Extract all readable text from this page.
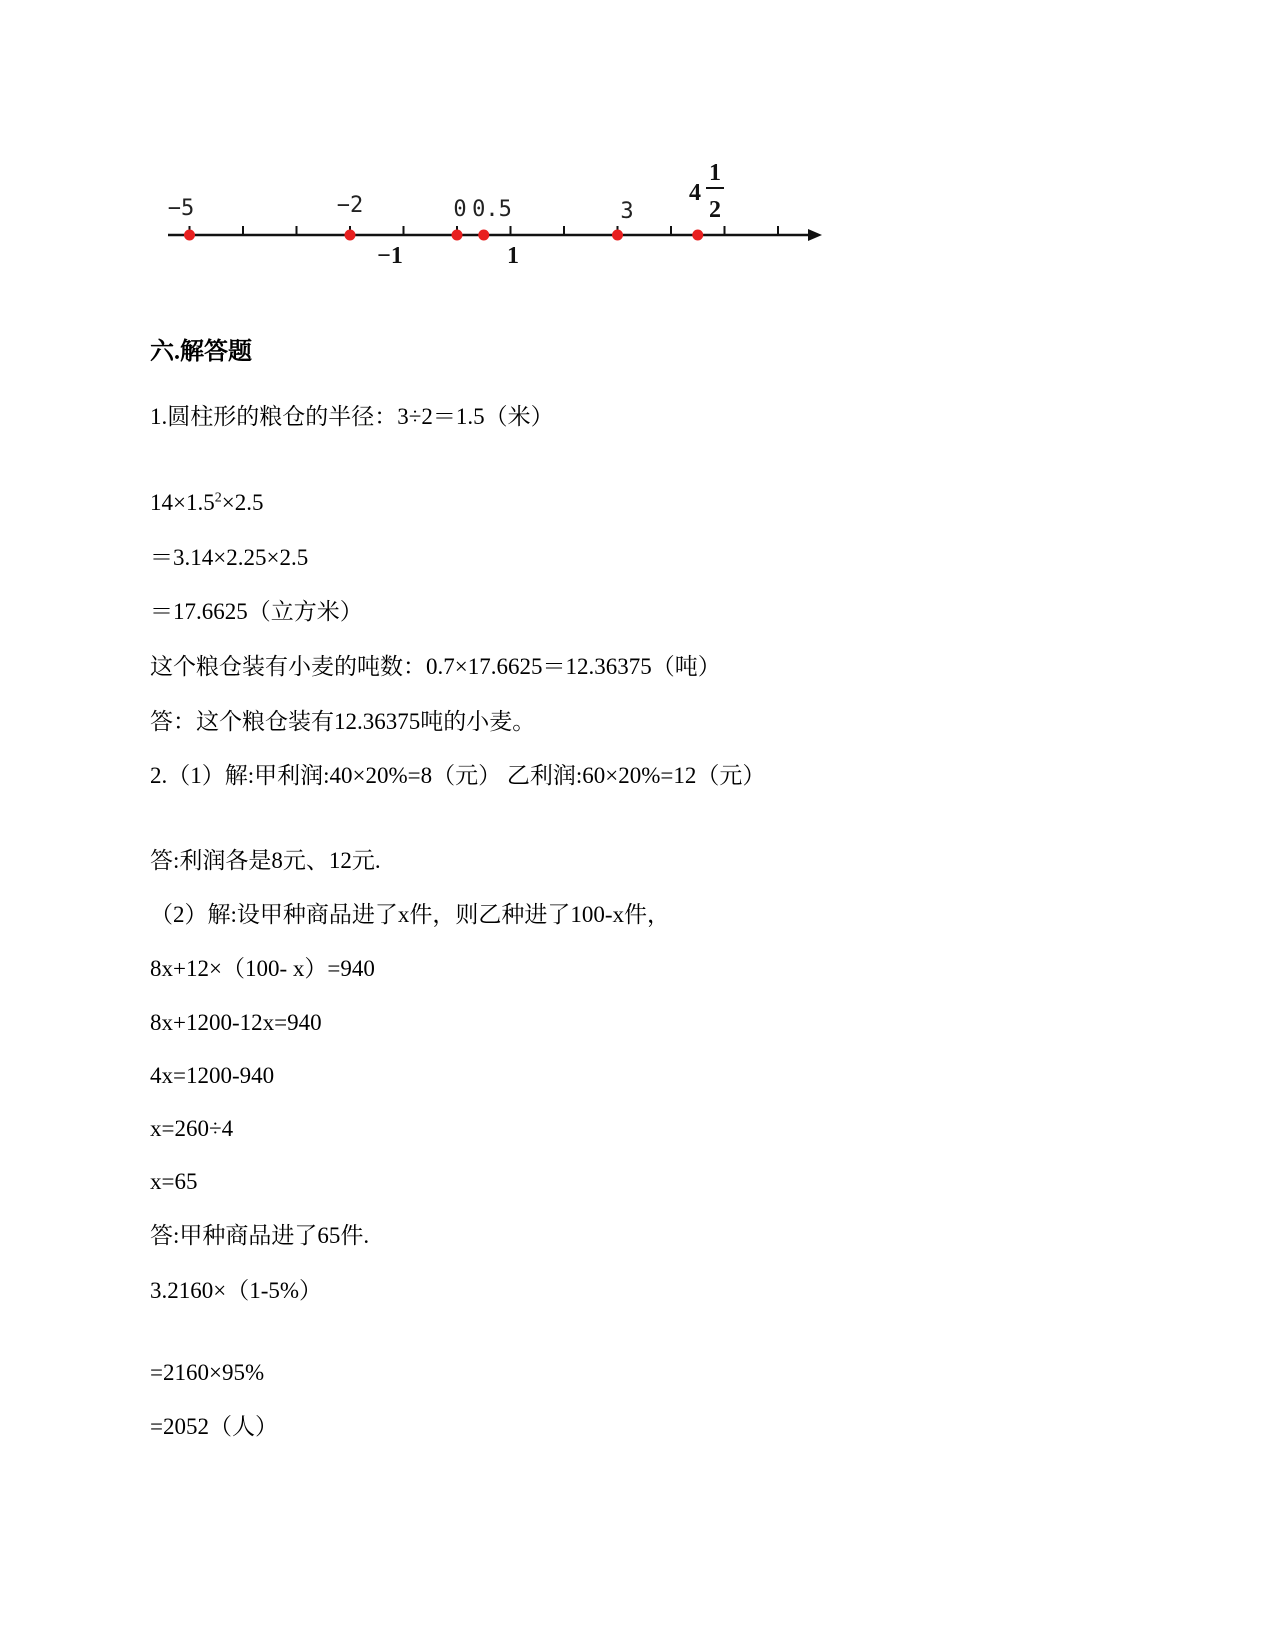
−5	−2	0 0.5	3
−1	1
4
1
2
六.解答题
1.圆柱形的粮仓的半径：3÷2＝1.5（米）
$14\times 1.5^2\times 2.5$
＝3.14×2.25×2.5
＝17.6625（立方米）
这个粮仓装有小麦的吨数：0.7×17.6625＝12.36375（吨）
答：这个粮仓装有12.36375吨的小麦。
2.（1）解:甲利润:40×20%=8（元） 乙利润:60×20%=12（元）
答:利润各是8元、12元.
（2）解:设甲种商品进了x件，则乙种进了100-x件，
8x+12×（100- x）=940
8x+1200-12x=940
4x=1200-940
x=260÷4
x=65
答:甲种商品进了65件.
3.2160×（1-5%）
=2160×95%
=2052（人）
